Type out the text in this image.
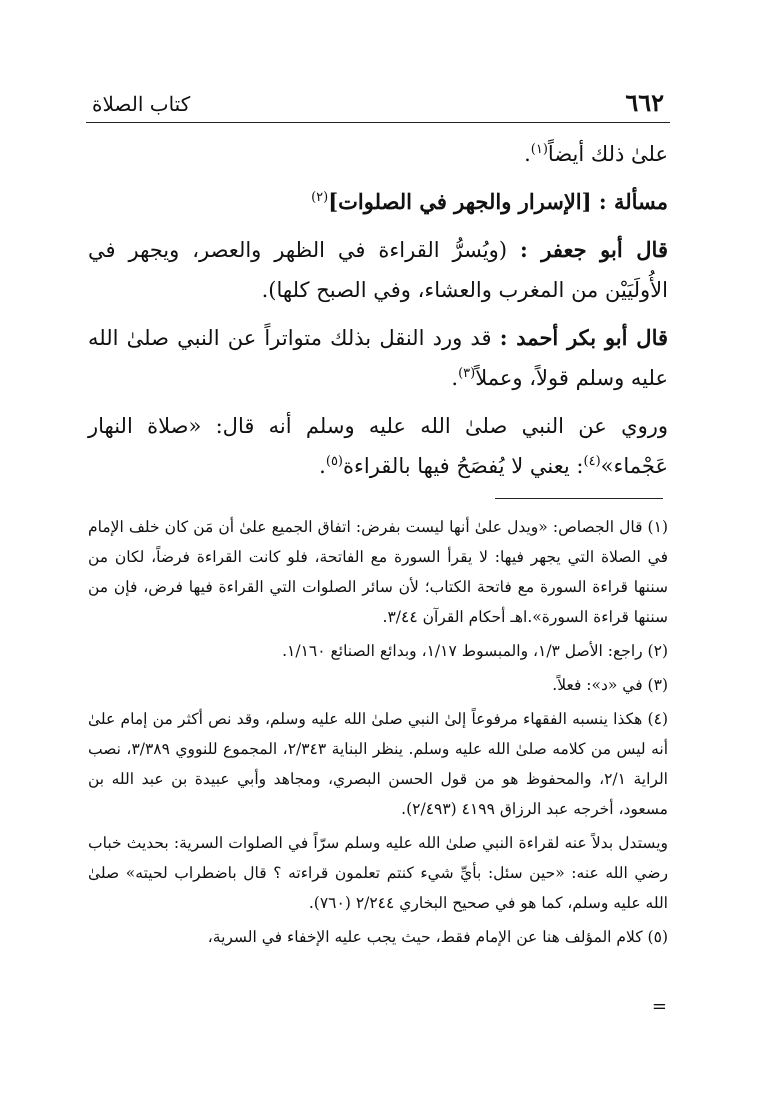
٦٦٢
كتاب الصلاة

علىٰ ذلك أيضاً$^{(١)}$.

مسألة : [الإسرار والجهر في الصلوات]$^{(٢)}$

قال أبو جعفر : (ويُسرُّ القراءة في الظهر والعصر، ويجهر في الأُولَيَيْن من المغرب والعشاء، وفي الصبح كلها).

قال أبو بكر أحمد : قد ورد النقل بذلك متواتراً عن النبي صلىٰ الله عليه وسلم قولاً، وعملاً$^{(٣)}$.

وروي عن النبي صلىٰ الله عليه وسلم أنه قال: «صلاة النهار عَجْماء»$^{(٤)}$: يعني لا يُفصَحُ فيها بالقراءة$^{(٥)}$.

(١) قال الجصاص: «ويدل علىٰ أنها ليست بفرض: اتفاق الجميع علىٰ أن مَن كان خلف الإمام في الصلاة التي يجهر فيها: لا يقرأ السورة مع الفاتحة، فلو كانت القراءة فرضاً، لكان من سننها قراءة السورة مع فاتحة الكتاب؛ لأن سائر الصلوات التي القراءة فيها فرض، فإن من سننها قراءة السورة».اهـ أحكام القرآن ٣/٤٤.

(٢) راجع: الأصل ١/٣، والمبسوط ١/١٧، وبدائع الصنائع ١/١٦٠.

(٣) في «د»: فعلاً.

(٤) هكذا ينسبه الفقهاء مرفوعاً إلىٰ النبي صلىٰ الله عليه وسلم، وقد نص أكثر من إمام علىٰ أنه ليس من كلامه صلىٰ الله عليه وسلم. ينظر البناية ٢/٣٤٣، المجموع للنووي ٣/٣٨٩، نصب الراية ٢/١، والمحفوظ هو من قول الحسن البصري، ومجاهد وأبي عبيدة بن عبد الله بن مسعود، أخرجه عبد الرزاق ٤١٩٩ (٢/٤٩٣).

ويستدل بدلاً عنه لقراءة النبي صلىٰ الله عليه وسلم سرّاً في الصلوات السرية: بحديث خباب رضي الله عنه: «حين سئل: بأيِّ شيء كنتم تعلمون قراءته ؟ قال باضطراب لحيته» صلىٰ الله عليه وسلم، كما هو في صحيح البخاري ٢/٢٤٤ (٧٦٠).

(٥) كلام المؤلف هنا عن الإمام فقط، حيث يجب عليه الإخفاء في السرية،

=
